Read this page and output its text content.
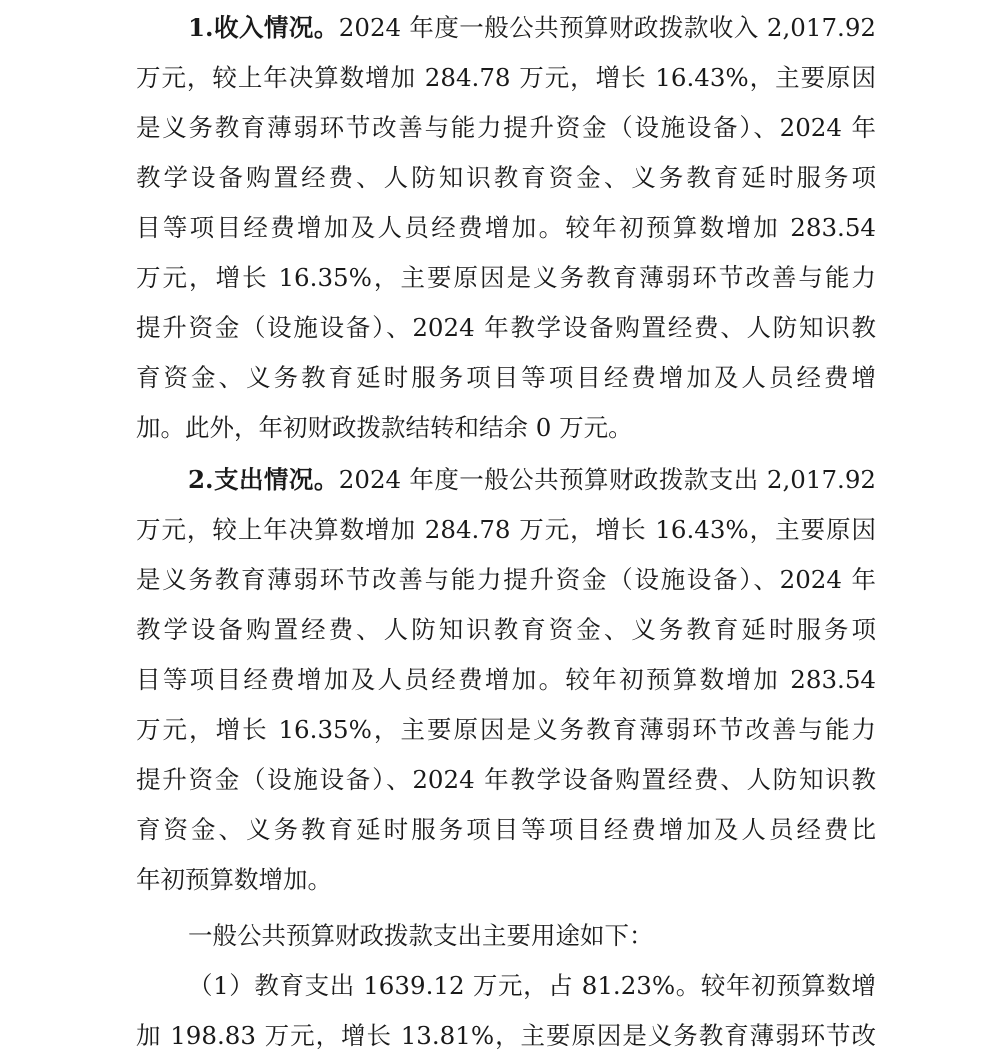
1.收入情况。2024 年度一般公共预算财政拨款收入 2,017.92
万元，较上年决算数增加 284.78 万元，增长 16.43%，主要原因
是义务教育薄弱环节改善与能力提升资金（设施设备）、2024 年
教学设备购置经费、人防知识教育资金、义务教育延时服务项
目等项目经费增加及人员经费增加。较年初预算数增加 283.54
万元，增长 16.35%，主要原因是义务教育薄弱环节改善与能力
提升资金（设施设备）、2024 年教学设备购置经费、人防知识教
育资金、义务教育延时服务项目等项目经费增加及人员经费增
加。此外，年初财政拨款结转和结余 0 万元。
2.支出情况。2024 年度一般公共预算财政拨款支出 2,017.92
万元，较上年决算数增加 284.78 万元，增长 16.43%，主要原因
是义务教育薄弱环节改善与能力提升资金（设施设备）、2024 年
教学设备购置经费、人防知识教育资金、义务教育延时服务项
目等项目经费增加及人员经费增加。较年初预算数增加 283.54
万元，增长 16.35%，主要原因是义务教育薄弱环节改善与能力
提升资金（设施设备）、2024 年教学设备购置经费、人防知识教
育资金、义务教育延时服务项目等项目经费增加及人员经费比
年初预算数增加。
一般公共预算财政拨款支出主要用途如下：
（1）教育支出 1639.12 万元，占 81.23%。较年初预算数增
加 198.83 万元，增长 13.81%，主要原因是义务教育薄弱环节改
